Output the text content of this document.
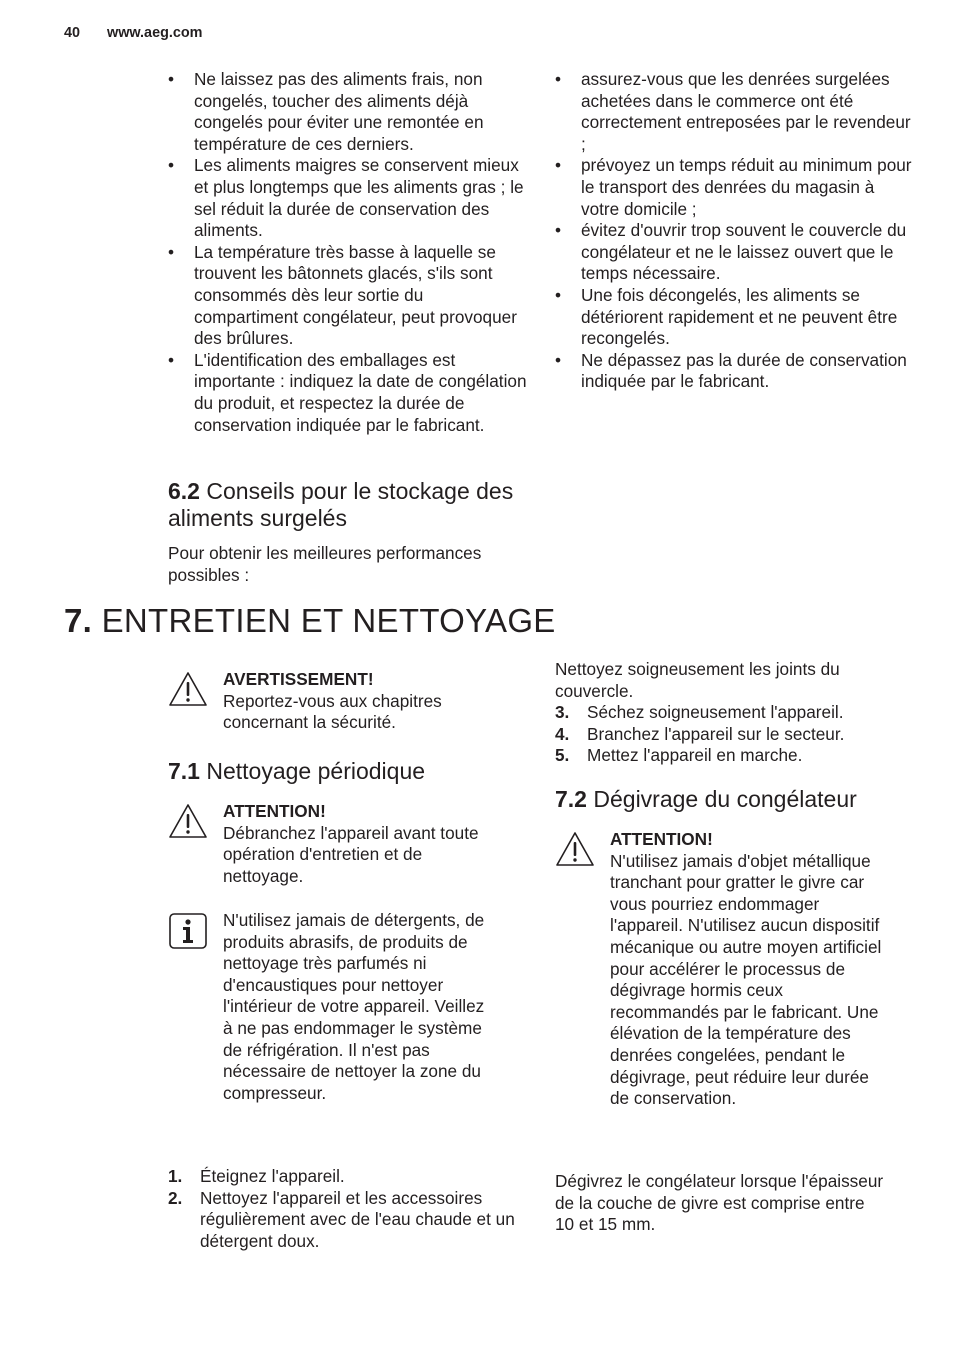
40 www.aeg.com
• Ne laissez pas des aliments frais, non congelés, toucher des aliments déjà congelés pour éviter une remontée en température de ces derniers.
• Les aliments maigres se conservent mieux et plus longtemps que les aliments gras ; le sel réduit la durée de conservation des aliments.
• La température très basse à laquelle se trouvent les bâtonnets glacés, s'ils sont consommés dès leur sortie du compartiment congélateur, peut provoquer des brûlures.
• L'identification des emballages est importante : indiquez la date de congélation du produit, et respectez la durée de conservation indiquée par le fabricant.
6.2 Conseils pour le stockage des aliments surgelés

Pour obtenir les meilleures performances possibles :

• assurez-vous que les denrées surgelées achetées dans le commerce ont été correctement entreposées par le revendeur ;
• prévoyez un temps réduit au minimum pour le transport des denrées du magasin à votre domicile ;
• évitez d'ouvrir trop souvent le couvercle du congélateur et ne le laissez ouvert que le temps nécessaire.
• Une fois décongelés, les aliments se détériorent rapidement et ne peuvent être recongelés.
• Ne dépassez pas la durée de conservation indiquée par le fabricant.
7. ENTRETIEN ET NETTOYAGE
AVERTISSEMENT!
Reportez-vous aux chapitres concernant la sécurité.
7.1 Nettoyage périodique
ATTENTION!
Débranchez l'appareil avant toute opération d'entretien et de nettoyage.
N'utilisez jamais de détergents, de produits abrasifs, de produits de nettoyage très parfumés ni d'encaustiques pour nettoyer l'intérieur de votre appareil. Veillez à ne pas endommager le système de réfrigération. Il n'est pas nécessaire de nettoyer la zone du compresseur.
1. Éteignez l'appareil.
2. Nettoyez l'appareil et les accessoires régulièrement avec de l'eau chaude et un détergent doux.

Nettoyez soigneusement les joints du couvercle.

3. Séchez soigneusement l'appareil.
4. Branchez l'appareil sur le secteur.
5. Mettez l'appareil en marche.
7.2 Dégivrage du congélateur
ATTENTION!
N'utilisez jamais d'objet métallique tranchant pour gratter le givre car vous pourriez endommager l'appareil. N'utilisez aucun dispositif mécanique ou autre moyen artificiel pour accélérer le processus de dégivrage hormis ceux recommandés par le fabricant. Une élévation de la température des denrées congelées, pendant le dégivrage, peut réduire leur durée de conservation.

Dégivrez le congélateur lorsque l'épaisseur de la couche de givre est comprise entre 10 et 15 mm.
